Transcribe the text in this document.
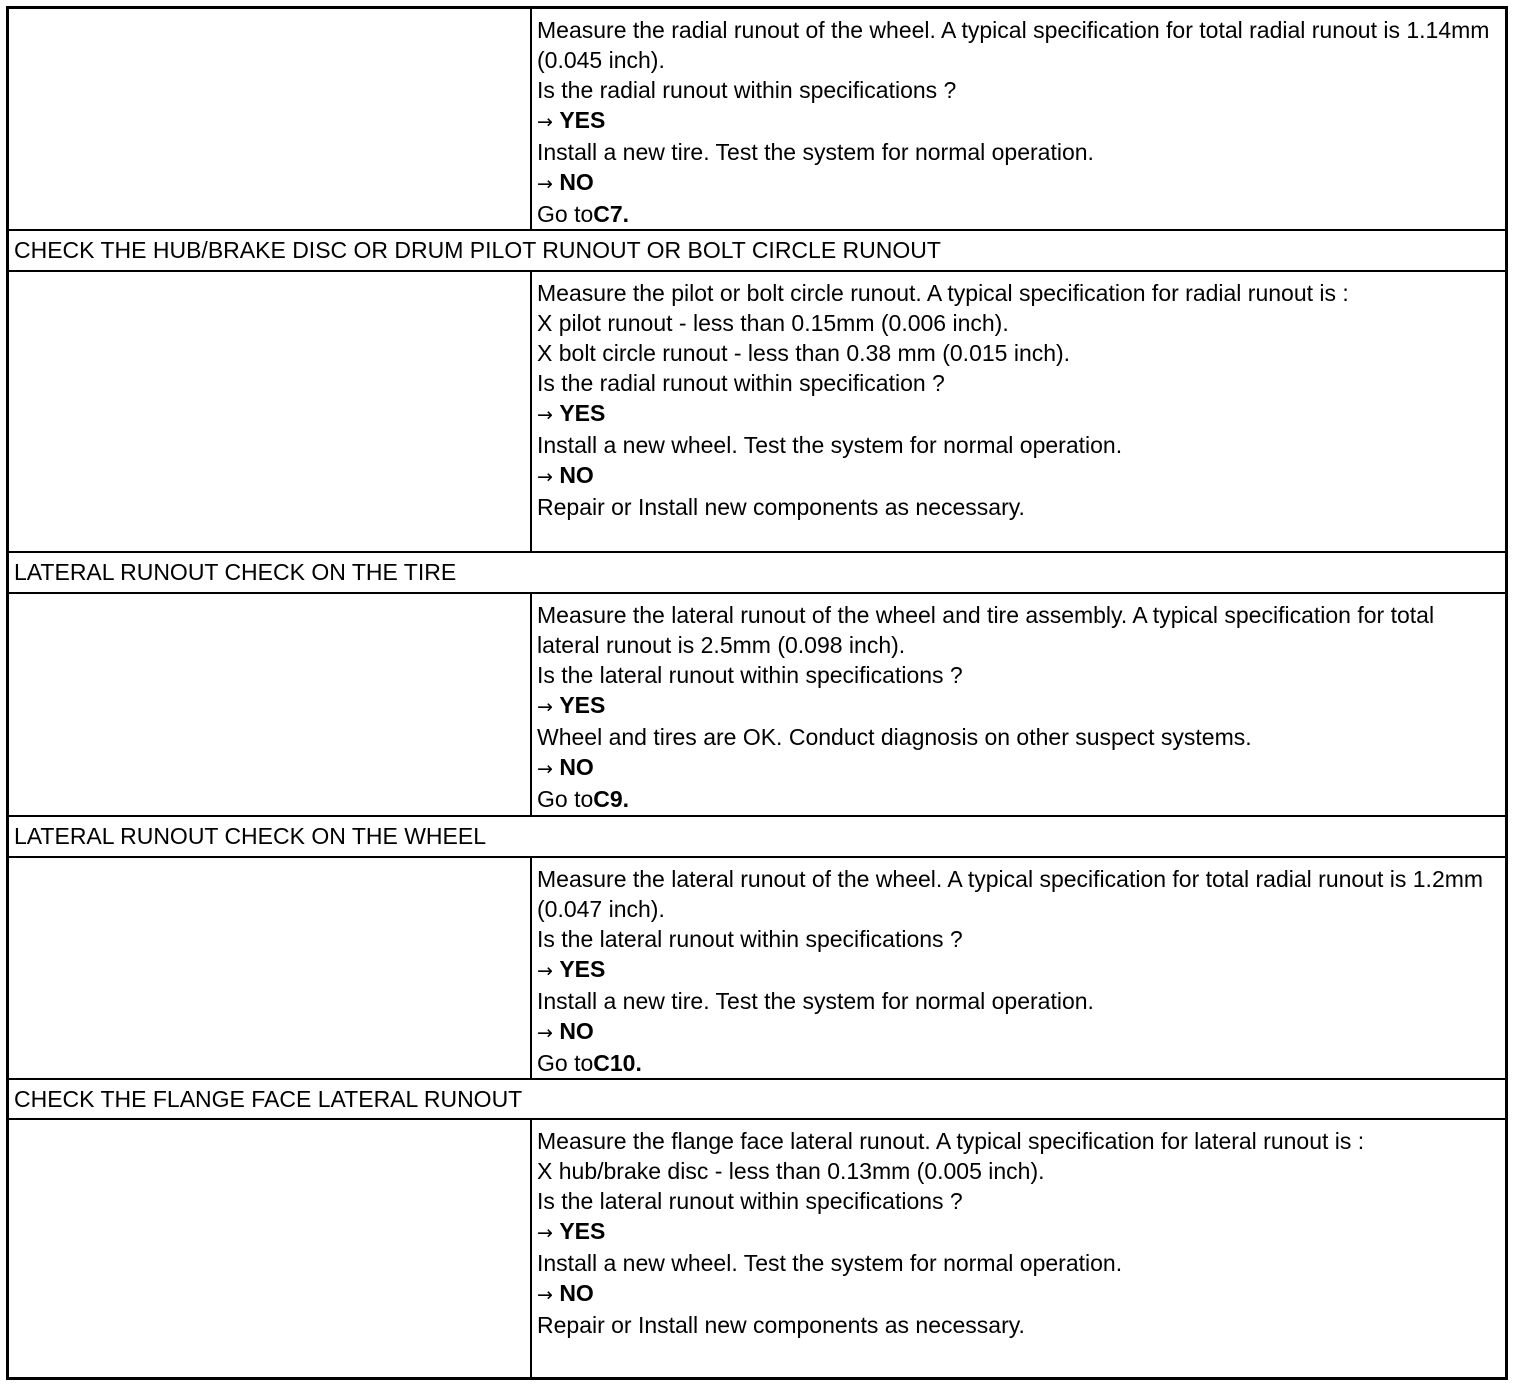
Measure the radial runout of the wheel. A typical specification for total radial runout is 1.14mm (0.045 inch).
Is the radial runout within specifications ?
→ YES
Install a new tire. Test the system for normal operation.
→ NO
Go toC7.
CHECK THE HUB/BRAKE DISC OR DRUM PILOT RUNOUT OR BOLT CIRCLE RUNOUT
Measure the pilot or bolt circle runout. A typical specification for radial runout is :
X pilot runout - less than 0.15mm (0.006 inch).
X bolt circle runout - less than 0.38 mm (0.015 inch).
Is the radial runout within specification ?
→ YES
Install a new wheel. Test the system for normal operation.
→ NO
Repair or Install new components as necessary.
LATERAL RUNOUT CHECK ON THE TIRE
Measure the lateral runout of the wheel and tire assembly. A typical specification for total lateral runout is 2.5mm (0.098 inch).
Is the lateral runout within specifications ?
→ YES
Wheel and tires are OK. Conduct diagnosis on other suspect systems.
→ NO
Go toC9.
LATERAL RUNOUT CHECK ON THE WHEEL
Measure the lateral runout of the wheel. A typical specification for total radial runout is 1.2mm (0.047 inch).
Is the lateral runout within specifications ?
→ YES
Install a new tire. Test the system for normal operation.
→ NO
Go toC10.
CHECK THE FLANGE FACE LATERAL RUNOUT
Measure the flange face lateral runout. A typical specification for lateral runout is :
X hub/brake disc - less than 0.13mm (0.005 inch).
Is the lateral runout within specifications ?
→ YES
Install a new wheel. Test the system for normal operation.
→ NO
Repair or Install new components as necessary.
